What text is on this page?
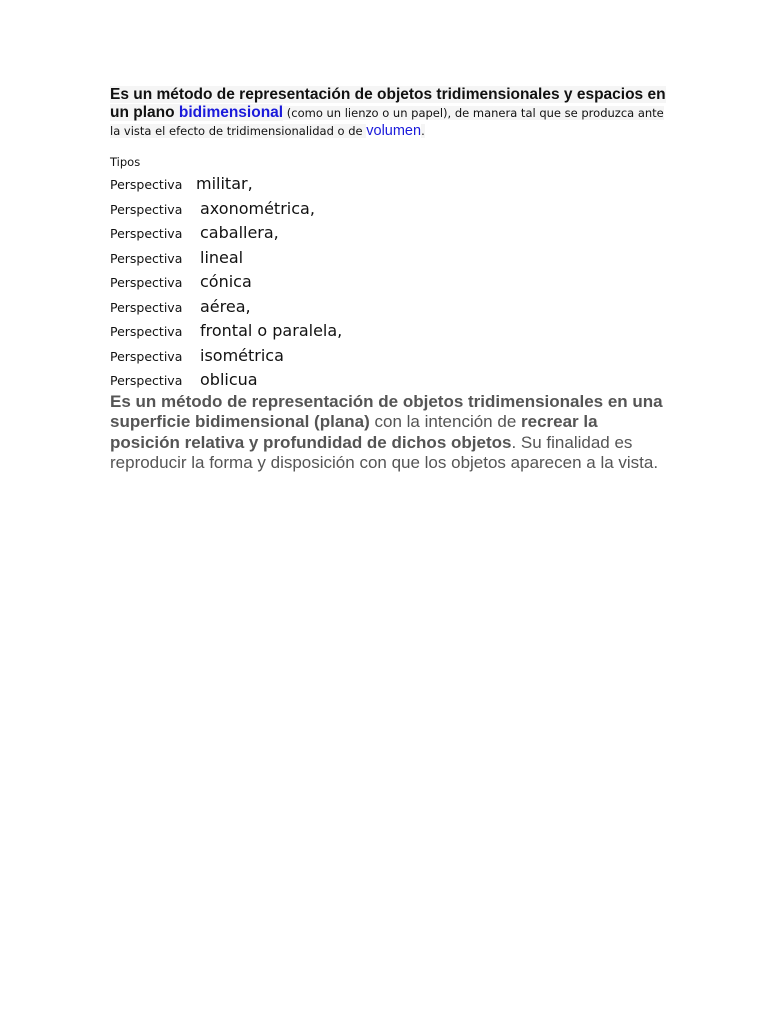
Es un método de representación de objetos tridimensionales y espacios en un plano bidimensional (como un lienzo o un papel), de manera tal que se produzca ante la vista el efecto de tridimensionalidad o de volumen.

Tipos
Perspectiva militar,
Perspectiva	axonométrica,
Perspectiva	caballera,
Perspectiva	lineal
Perspectiva	cónica
Perspectiva	aérea,
Perspectiva	frontal o paralela,
Perspectiva	isométrica
Perspectiva	oblicua

Es un método de representación de objetos tridimensionales en una superficie bidimensional (plana) con la intención de recrear la posición relativa y profundidad de dichos objetos. Su finalidad es reproducir la forma y disposición con que los objetos aparecen a la vista.
